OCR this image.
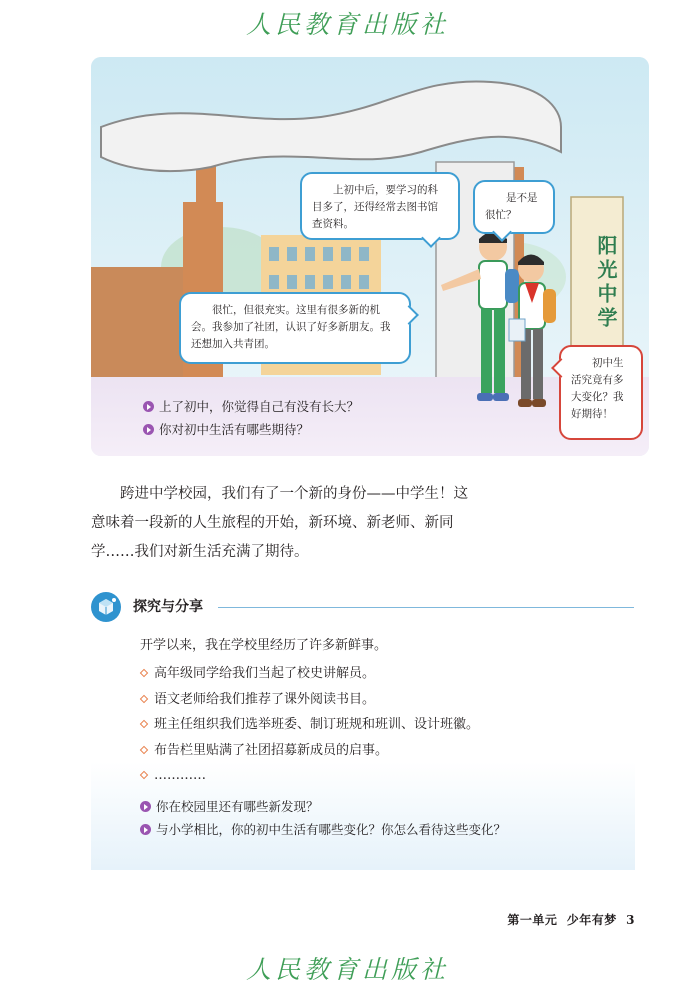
人民教育出版社
阳光中学
上初中后，要学习的科目多了，还得经常去图书馆查资料。
是不是很忙？
很忙，但很充实。这里有很多新的机会。我参加了社团，认识了好多新朋友。我还想加入共青团。
初中生活究竟有多大变化？我好期待！
上了初中，你觉得自己有没有长大？
你对初中生活有哪些期待？

跨进中学校园，我们有了一个新的身份——中学生！这

意味着一段新的人生旅程的开始，新环境、新老师、新同

学……我们对新生活充满了期待。

探究与分享
开学以来，我在学校里经历了许多新鲜事。
高年级同学给我们当起了校史讲解员。
语文老师给我们推荐了课外阅读书目。
班主任组织我们选举班委、制订班规和班训、设计班徽。
布告栏里贴满了社团招募新成员的启事。
…………
你在校园里还有哪些新发现？
与小学相比，你的初中生活有哪些变化？你怎么看待这些变化？
第一单元 少年有梦 3
人民教育出版社
